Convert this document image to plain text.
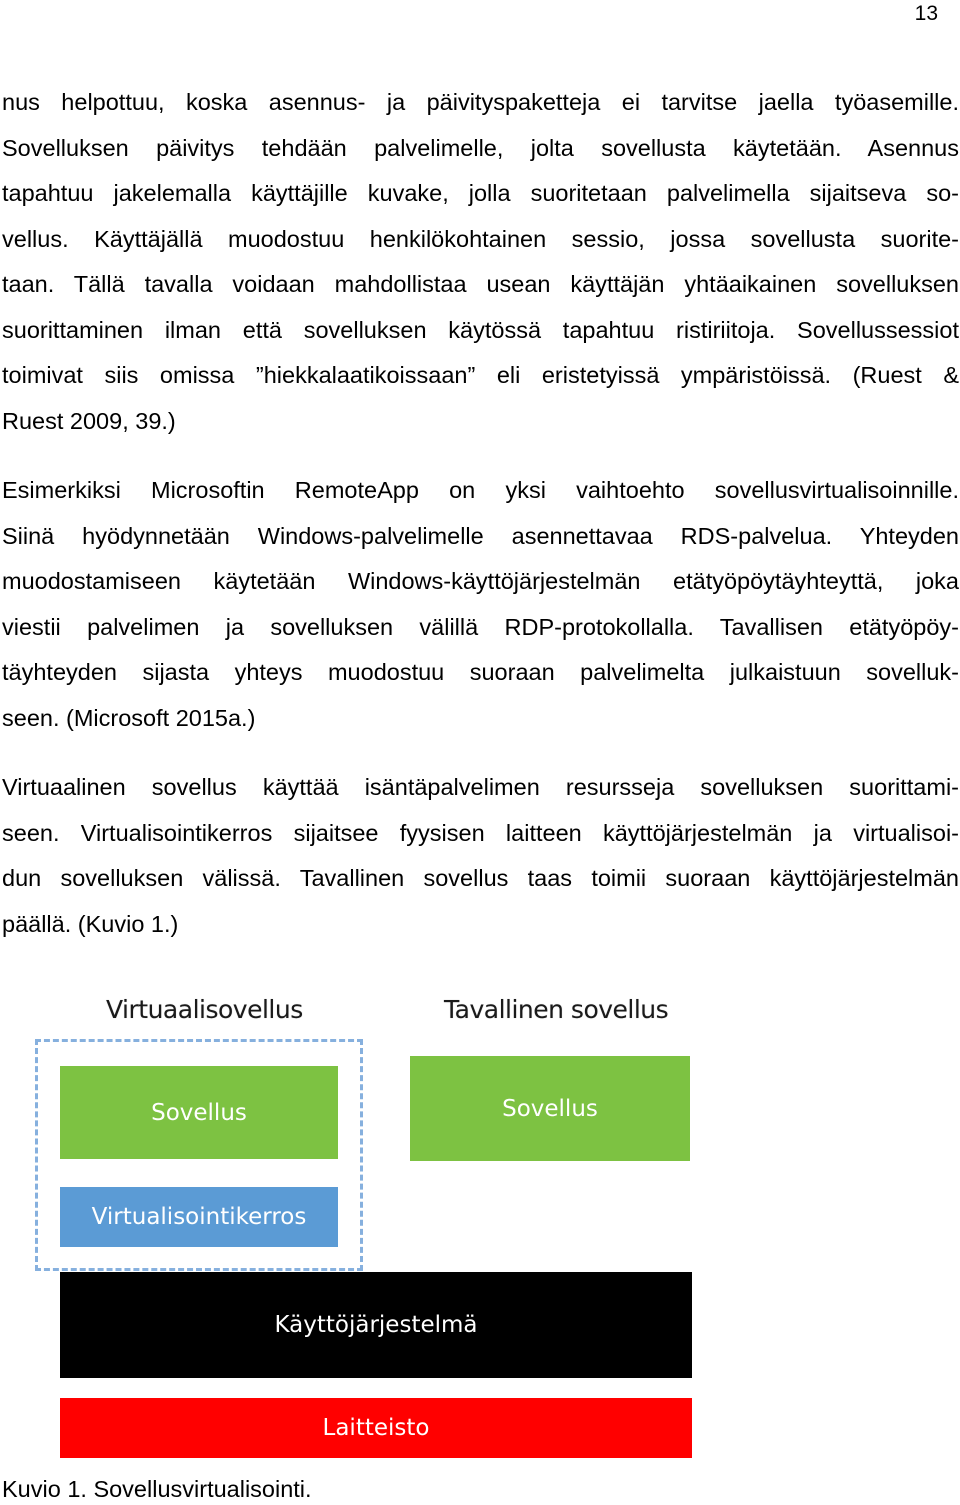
13
nus helpottuu, koska asennus- ja päivityspaketteja ei tarvitse jaella työasemille.
Sovelluksen päivitys tehdään palvelimelle, jolta sovellusta käytetään. Asennus
tapahtuu jakelemalla käyttäjille kuvake, jolla suoritetaan palvelimella sijaitseva so-
vellus. Käyttäjällä muodostuu henkilökohtainen sessio, jossa sovellusta suorite-
taan. Tällä tavalla voidaan mahdollistaa usean käyttäjän yhtäaikainen sovelluksen
suorittaminen ilman että sovelluksen käytössä tapahtuu ristiriitoja. Sovellussessiot
toimivat siis omissa ”hiekkalaatikoissaan” eli eristetyissä ympäristöissä. (Ruest &
Ruest 2009, 39.)
Esimerkiksi Microsoftin RemoteApp on yksi vaihtoehto sovellusvirtualisoinnille.
Siinä hyödynnetään Windows-palvelimelle asennettavaa RDS-palvelua. Yhteyden
muodostamiseen käytetään Windows-käyttöjärjestelmän etätyöpöytäyhteyttä, joka
viestii palvelimen ja sovelluksen välillä RDP-protokollalla. Tavallisen etätyöpöy-
täyhteyden sijasta yhteys muodostuu suoraan palvelimelta julkaistuun sovelluk-
seen. (Microsoft 2015a.)
Virtuaalinen sovellus käyttää isäntäpalvelimen resursseja sovelluksen suorittami-
seen. Virtualisointikerros sijaitsee fyysisen laitteen käyttöjärjestelmän ja virtualisoi-
dun sovelluksen välissä. Tavallinen sovellus taas toimii suoraan käyttöjärjestelmän
päällä. (Kuvio 1.)
Virtuaalisovellus	Tavallinen sovellus
Sovellus
Virtualisointikerros
Sovellus
Käyttöjärjestelmä
Laitteisto
Kuvio 1. Sovellusvirtualisointi.
